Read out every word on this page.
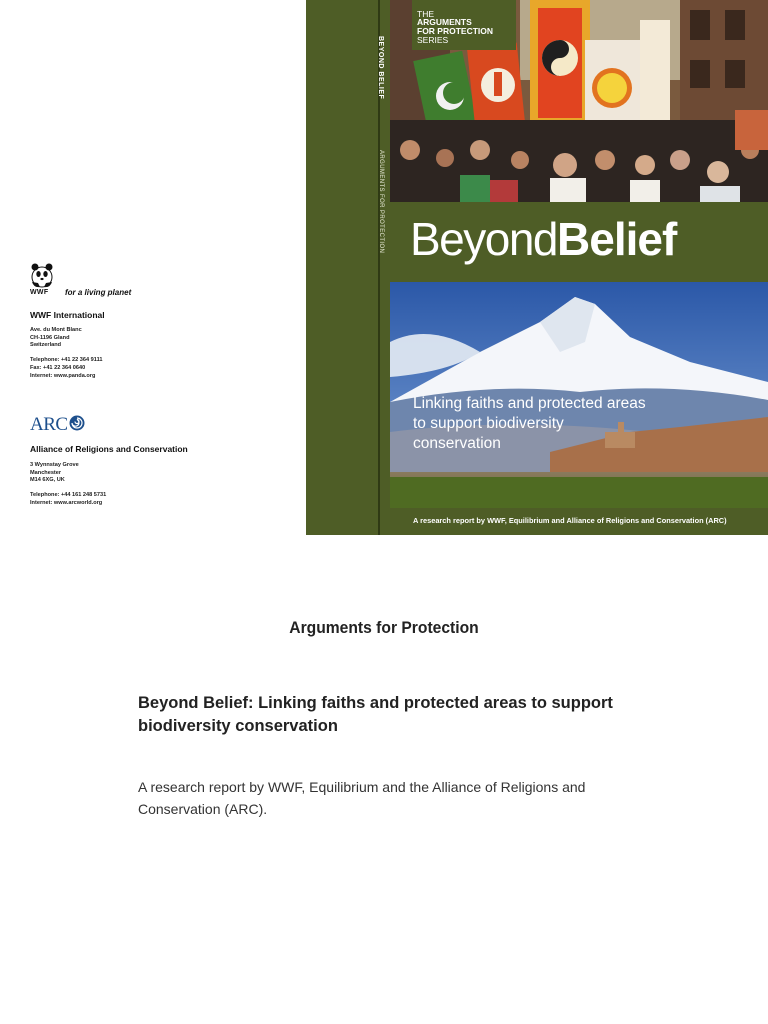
WWF for a living planet
WWF International
Ave. du Mont Blanc
CH-1196 Gland
Switzerland
Telephone: +41 22 364 9111
Fax: +41 22 364 0640
Internet: www.panda.org
ARC
Alliance of Religions and Conservation
3 Wynnstay Grove
Manchester
M14 6XG, UK
Telephone: +44 161 248 5731
Internet: www.arcworld.org
BEYOND BELIEF
ARGUMENTS FOR PROTECTION
THE
ARGUMENTS
FOR PROTECTION
SERIES
BeyondBelief
Linking faiths and protected areas to support biodiversity conservation
A research report by WWF, Equilibrium and Alliance of Religions and Conservation (ARC)
Arguments for Protection
Beyond Belief: Linking faiths and protected areas to support biodiversity conservation
A research report by WWF, Equilibrium and the Alliance of Religions and Conservation (ARC).
